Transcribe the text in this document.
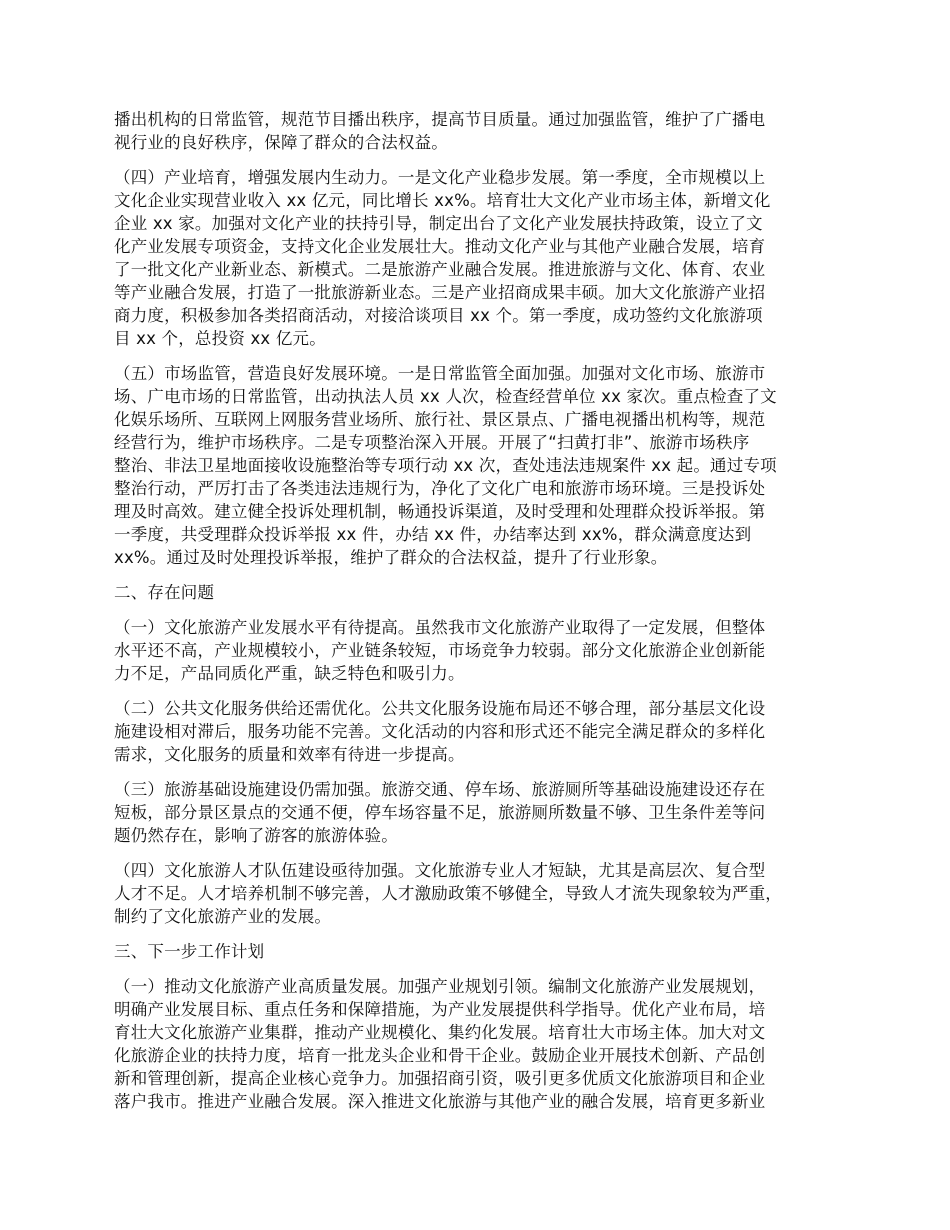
播出机构的日常监管，规范节目播出秩序，提高节目质量。通过加强监管，维护了广播电
视行业的良好秩序，保障了群众的合法权益。

（四）产业培育，增强发展内生动力。一是文化产业稳步发展。第一季度，全市规模以上
文化企业实现营业收入 xx 亿元，同比增长 xx%。培育壮大文化产业市场主体，新增文化
企业 xx 家。加强对文化产业的扶持引导，制定出台了文化产业发展扶持政策，设立了文
化产业发展专项资金，支持文化企业发展壮大。推动文化产业与其他产业融合发展，培育
了一批文化产业新业态、新模式。二是旅游产业融合发展。推进旅游与文化、体育、农业
等产业融合发展，打造了一批旅游新业态。三是产业招商成果丰硕。加大文化旅游产业招
商力度，积极参加各类招商活动，对接洽谈项目 xx 个。第一季度，成功签约文化旅游项
目 xx 个，总投资 xx 亿元。

（五）市场监管，营造良好发展环境。一是日常监管全面加强。加强对文化市场、旅游市
场、广电市场的日常监管，出动执法人员 xx 人次，检查经营单位 xx 家次。重点检查了文
化娱乐场所、互联网上网服务营业场所、旅行社、景区景点、广播电视播出机构等，规范
经营行为，维护市场秩序。二是专项整治深入开展。开展了“扫黄打非”、旅游市场秩序
整治、非法卫星地面接收设施整治等专项行动 xx 次，查处违法违规案件 xx 起。通过专项
整治行动，严厉打击了各类违法违规行为，净化了文化广电和旅游市场环境。三是投诉处
理及时高效。建立健全投诉处理机制，畅通投诉渠道，及时受理和处理群众投诉举报。第
一季度，共受理群众投诉举报 xx 件，办结 xx 件，办结率达到 xx%，群众满意度达到
xx%。通过及时处理投诉举报，维护了群众的合法权益，提升了行业形象。

二、存在问题

（一）文化旅游产业发展水平有待提高。虽然我市文化旅游产业取得了一定发展，但整体
水平还不高，产业规模较小，产业链条较短，市场竞争力较弱。部分文化旅游企业创新能
力不足，产品同质化严重，缺乏特色和吸引力。

（二）公共文化服务供给还需优化。公共文化服务设施布局还不够合理，部分基层文化设
施建设相对滞后，服务功能不完善。文化活动的内容和形式还不能完全满足群众的多样化
需求，文化服务的质量和效率有待进一步提高。

（三）旅游基础设施建设仍需加强。旅游交通、停车场、旅游厕所等基础设施建设还存在
短板，部分景区景点的交通不便，停车场容量不足，旅游厕所数量不够、卫生条件差等问
题仍然存在，影响了游客的旅游体验。

（四）文化旅游人才队伍建设亟待加强。文化旅游专业人才短缺，尤其是高层次、复合型
人才不足。人才培养机制不够完善，人才激励政策不够健全，导致人才流失现象较为严重，
制约了文化旅游产业的发展。

三、下一步工作计划

（一）推动文化旅游产业高质量发展。加强产业规划引领。编制文化旅游产业发展规划，
明确产业发展目标、重点任务和保障措施，为产业发展提供科学指导。优化产业布局，培
育壮大文化旅游产业集群，推动产业规模化、集约化发展。培育壮大市场主体。加大对文
化旅游企业的扶持力度，培育一批龙头企业和骨干企业。鼓励企业开展技术创新、产品创
新和管理创新，提高企业核心竞争力。加强招商引资，吸引更多优质文化旅游项目和企业
落户我市。推进产业融合发展。深入推进文化旅游与其他产业的融合发展，培育更多新业
